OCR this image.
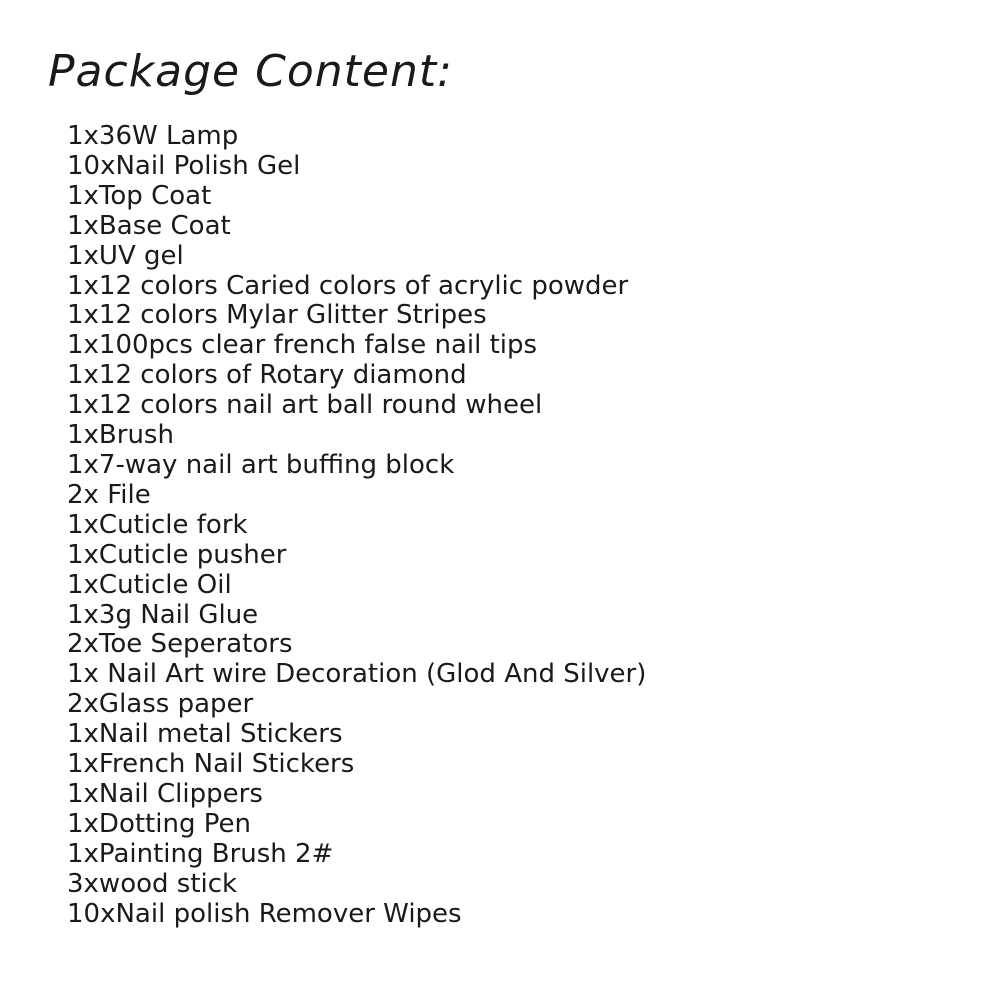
Package Content:
1x36W Lamp
10xNail Polish Gel
1xTop Coat
1xBase Coat
1xUV gel
1x12 colors Caried colors of acrylic powder
1x12 colors Mylar Glitter Stripes
1x100pcs clear french false nail tips
1x12 colors of Rotary diamond
1x12 colors nail art ball round wheel
1xBrush
1x7-way nail art buffing block
2x File
1xCuticle fork
1xCuticle pusher
1xCuticle Oil
1x3g Nail Glue
2xToe Seperators
1x Nail Art wire Decoration (Glod And Silver)
2xGlass paper
1xNail metal Stickers
1xFrench Nail Stickers
1xNail Clippers
1xDotting Pen
1xPainting Brush 2#
3xwood stick
10xNail polish Remover Wipes
